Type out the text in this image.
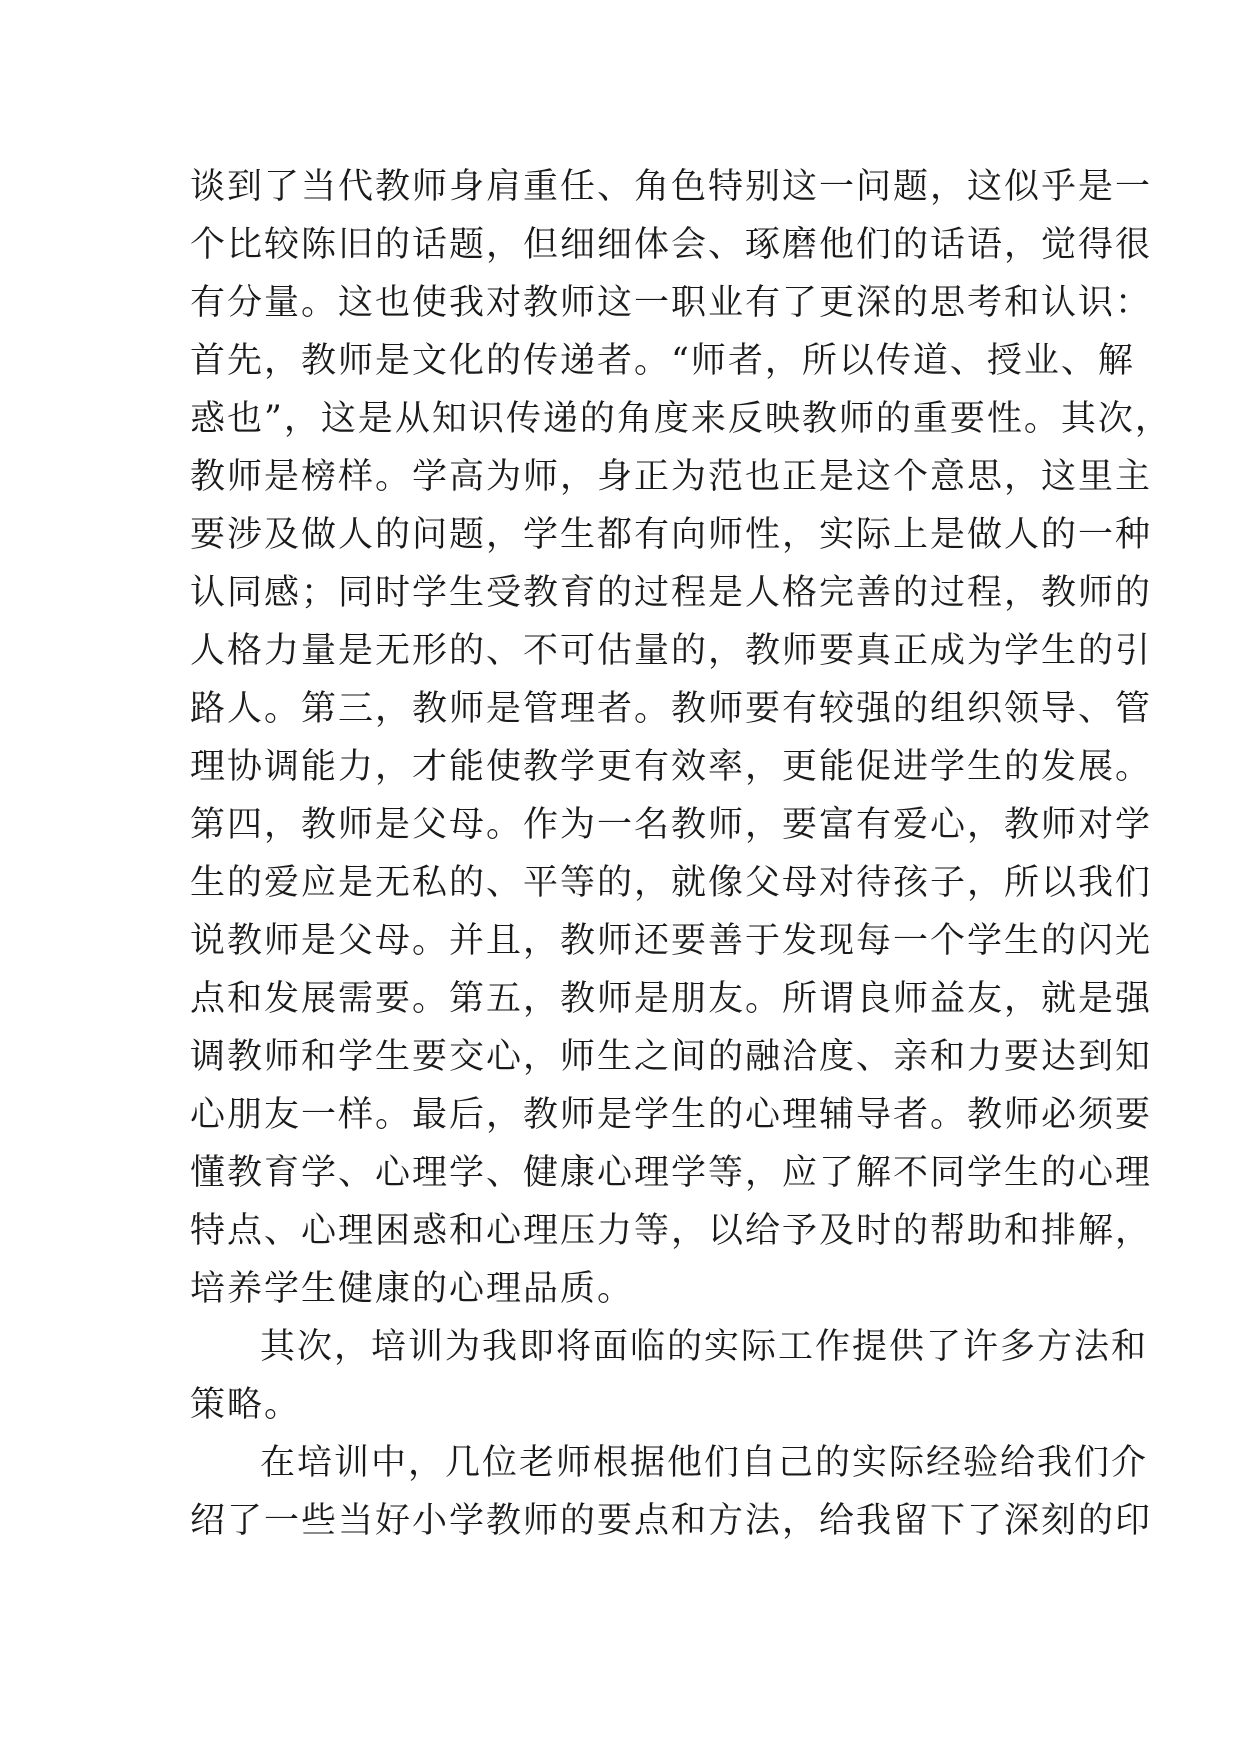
谈到了当代教师身肩重任、角色特别这一问题，这似乎是一
个比较陈旧的话题，但细细体会、琢磨他们的话语，觉得很
有分量。这也使我对教师这一职业有了更深的思考和认识：
首先，教师是文化的传递者。“师者，所以传道、授业、解
惑也”，这是从知识传递的角度来反映教师的重要性。其次，
教师是榜样。学高为师，身正为范也正是这个意思，这里主
要涉及做人的问题，学生都有向师性，实际上是做人的一种
认同感；同时学生受教育的过程是人格完善的过程，教师的
人格力量是无形的、不可估量的，教师要真正成为学生的引
路人。第三，教师是管理者。教师要有较强的组织领导、管
理协调能力，才能使教学更有效率，更能促进学生的发展。
第四，教师是父母。作为一名教师，要富有爱心，教师对学
生的爱应是无私的、平等的，就像父母对待孩子，所以我们
说教师是父母。并且，教师还要善于发现每一个学生的闪光
点和发展需要。第五，教师是朋友。所谓良师益友，就是强
调教师和学生要交心，师生之间的融洽度、亲和力要达到知
心朋友一样。最后，教师是学生的心理辅导者。教师必须要
懂教育学、心理学、健康心理学等，应了解不同学生的心理
特点、心理困惑和心理压力等，以给予及时的帮助和排解，
培养学生健康的心理品质。
其次，培训为我即将面临的实际工作提供了许多方法和
策略。
在培训中，几位老师根据他们自己的实际经验给我们介
绍了一些当好小学教师的要点和方法，给我留下了深刻的印
